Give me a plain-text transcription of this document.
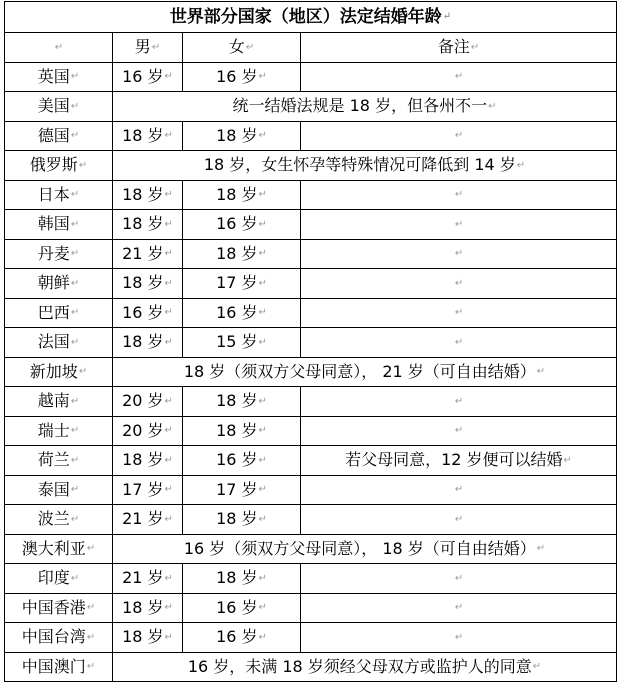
世界部分国家（地区）法定结婚年龄↵			
↵	男↵	女↵	备注↵
英国↵	16 岁↵	16 岁↵	↵
美国↵	统一结婚法规是 18 岁，但各州不一↵		
德国↵	18 岁↵	18 岁↵	↵
俄罗斯↵	18 岁，女生怀孕等特殊情况可降低到 14 岁↵		
日本↵	18 岁↵	18 岁↵	↵
韩国↵	18 岁↵	16 岁↵	↵
丹麦↵	21 岁↵	18 岁↵	↵
朝鲜↵	18 岁↵	17 岁↵	↵
巴西↵	16 岁↵	16 岁↵	↵
法国↵	18 岁↵	15 岁↵	↵
新加坡↵	18 岁（须双方父母同意）， 21 岁（可自由结婚）↵		
越南↵	20 岁↵	18 岁↵	↵
瑞士↵	20 岁↵	18 岁↵	↵
荷兰↵	18 岁↵	16 岁↵	若父母同意，12 岁便可以结婚↵
泰国↵	17 岁↵	17 岁↵	↵
波兰↵	21 岁↵	18 岁↵	↵
澳大利亚↵	16 岁（须双方父母同意）， 18 岁（可自由结婚）↵		
印度↵	21 岁↵	18 岁↵	↵
中国香港↵	18 岁↵	16 岁↵	↵
中国台湾↵	18 岁↵	16 岁↵	↵
中国澳门↵	16 岁，未满 18 岁须经父母双方或监护人的同意↵		
